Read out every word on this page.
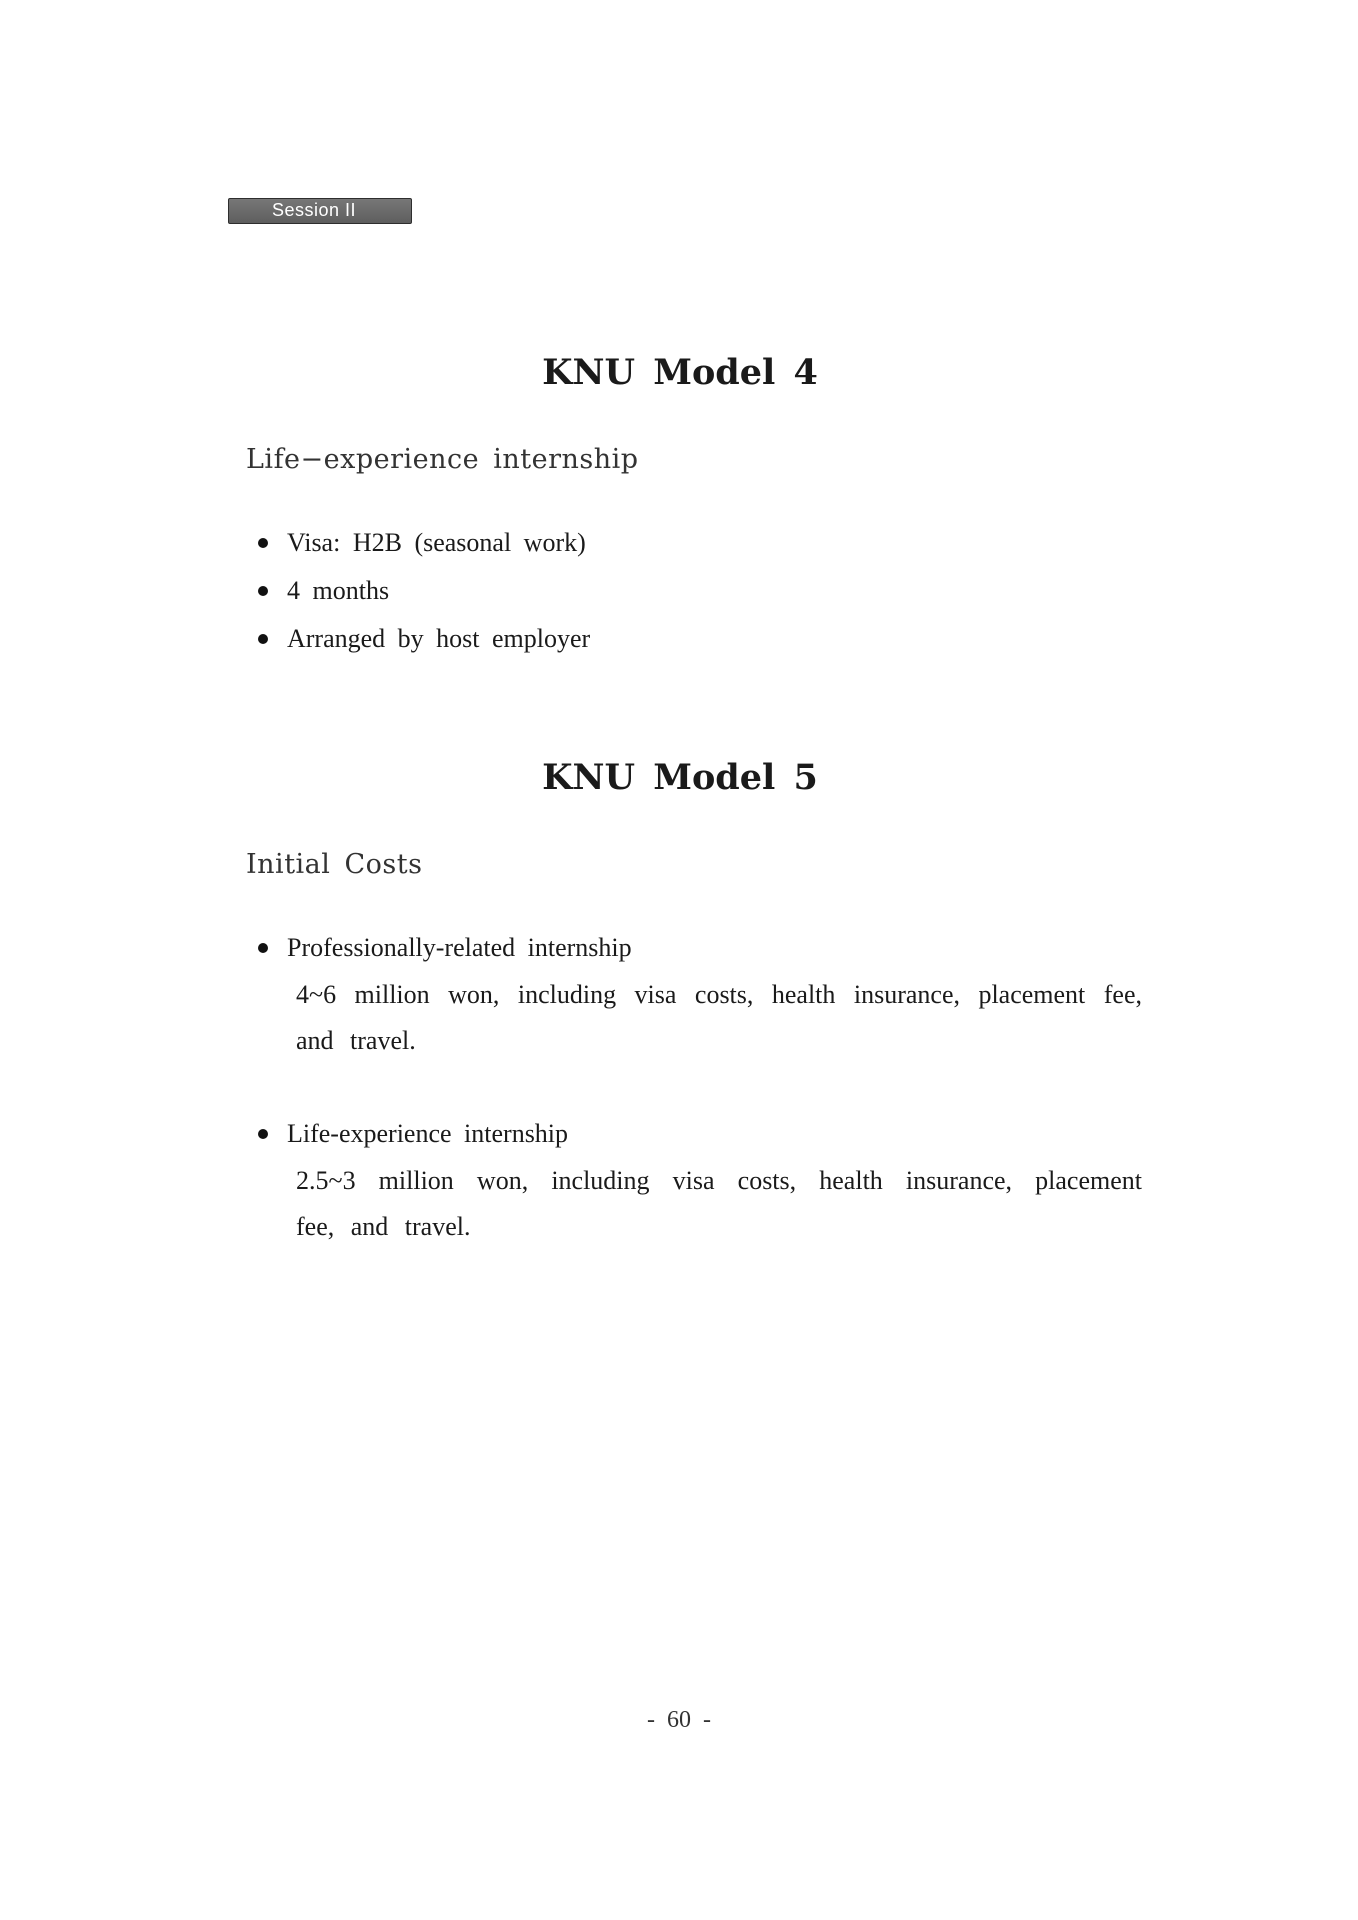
Session II
KNU Model 4
Life−experience internship
Visa: H2B (seasonal work)
4 months
Arranged by host employer
KNU Model 5
Initial Costs
Professionally-related internship

4~6 million won, including visa costs, health insurance, placement fee, and travel.

Life-experience internship

2.5~3 million won, including visa costs, health insurance, placement fee, and travel.

- 60 -
